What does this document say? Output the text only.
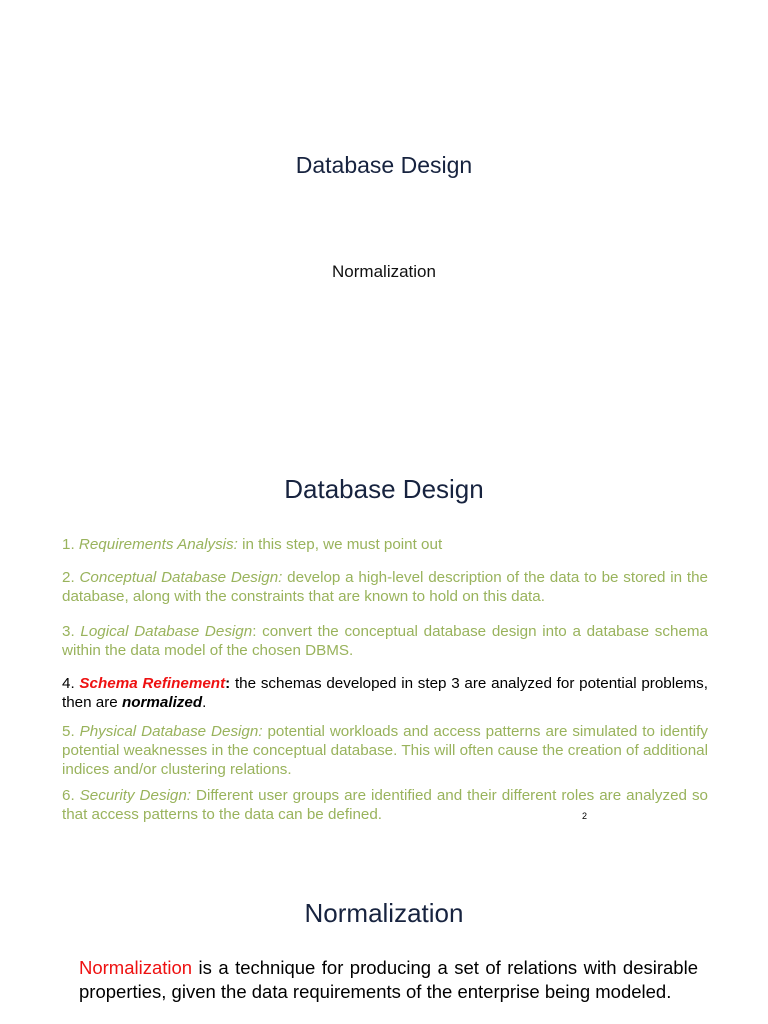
Database Design
Normalization
Database Design

1. Requirements Analysis: in this step, we must point out

2. Conceptual Database Design: develop a high-level description of the data to be stored in the database, along with the constraints that are known to hold on this data.

3. Logical Database Design: convert the conceptual database design into a database schema within the data model of the chosen DBMS.

4. Schema Refinement: the schemas developed in step 3 are analyzed for potential problems, then are normalized.

5. Physical Database Design: potential workloads and access patterns are simulated to identify potential weaknesses in the conceptual database. This will often cause the creation of additional indices and/or clustering relations.

6. Security Design: Different user groups are identified and their different roles are analyzed so that access patterns to the data can be defined.	2
Normalization

Normalization is a technique for producing a set of relations with desirable properties, given the data requirements of the enterprise being modeled.
